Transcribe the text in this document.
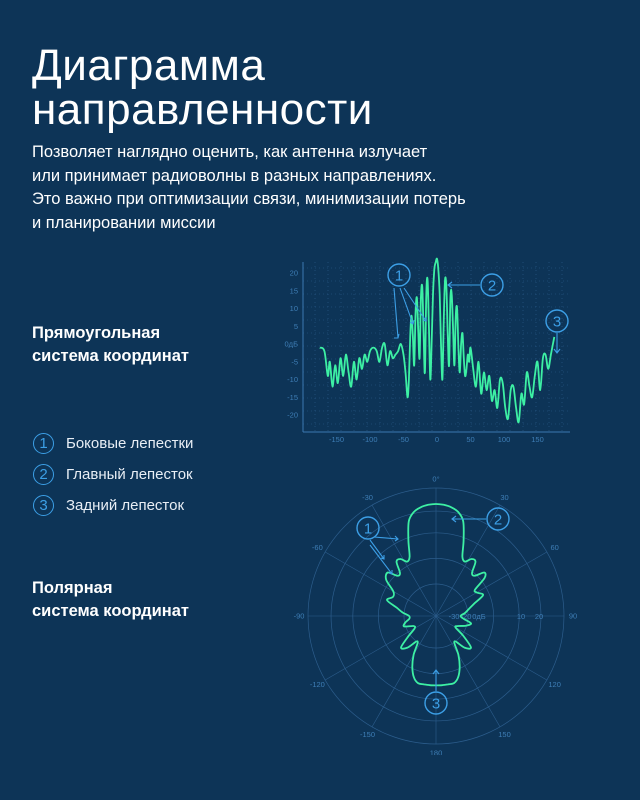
Диаграмма
направленности

Позволяет наглядно оценить, как антенна излучает
или принимает радиоволны в разных направлениях.
Это важно при оптимизации связи, минимизации потерь
и планировании миссии

Прямоугольная
система координат
1	Боковые лепестки
2	Главный лепесток
3	Задний лепесток
Полярная
система координат
-150 -100	-50	0	50	100	150
20
15
10
5
0дБ
-5
-10
-15
-20
1
2
3
0°
30
60
90
120
150
180
-150
-120
-90
-60
-30
-30 -20 0дБ	10 20
1
2
3
